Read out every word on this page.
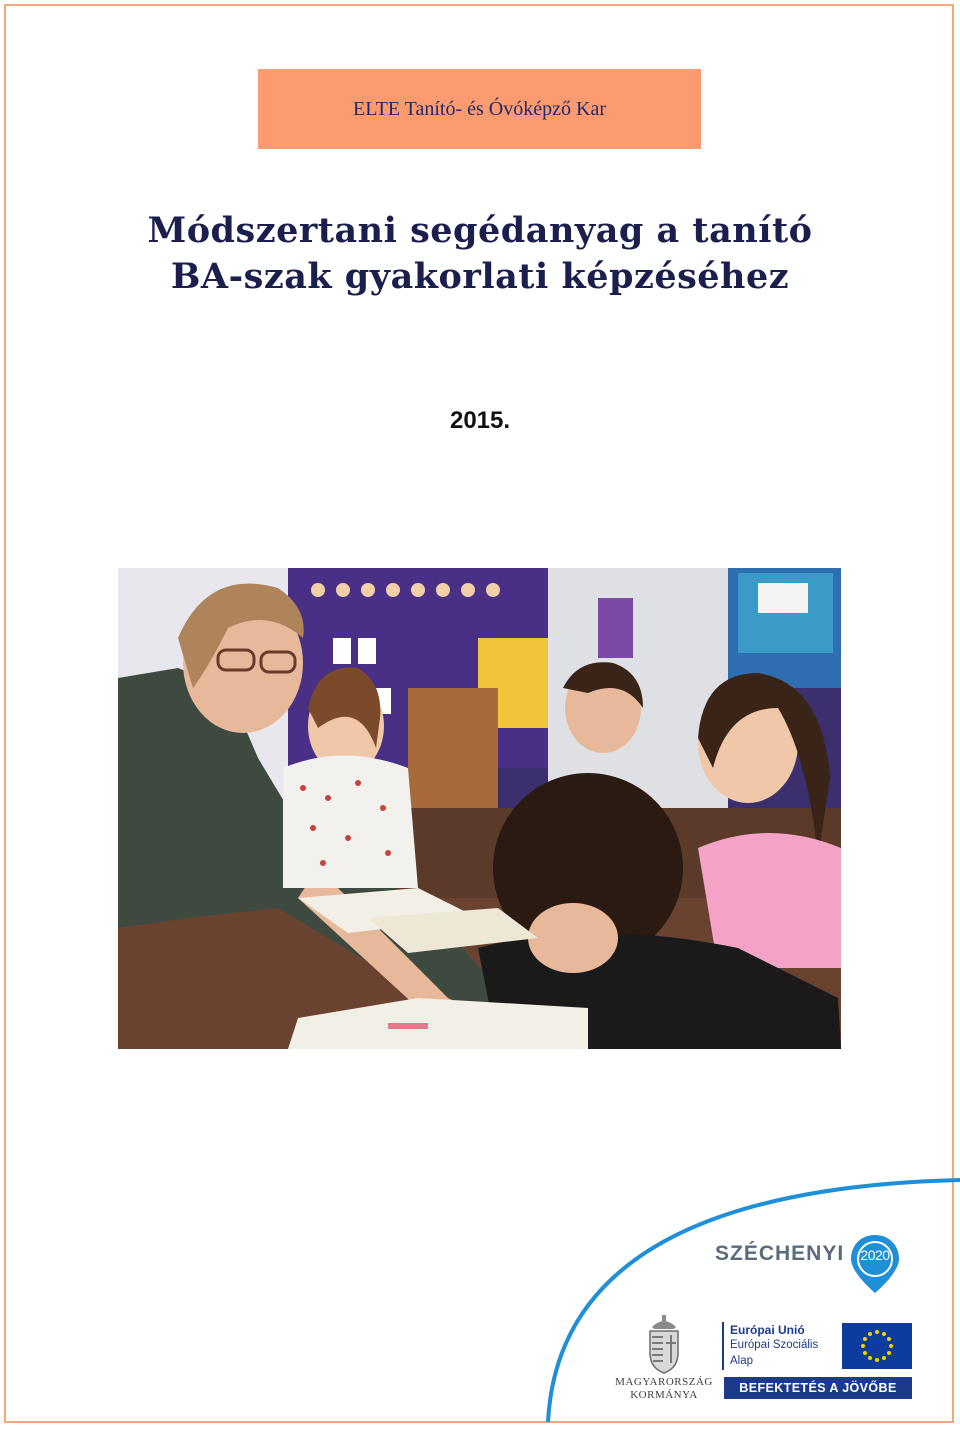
ELTE Tanító- és Óvóképző Kar
Módszertani segédanyag a tanító
BA-szak gyakorlati képzéséhez
2015.
SZÉCHENYI	2020
MAGYARORSZÁG
KORMÁNYA
Európai Unió
Európai Szociális
Alap
BEFEKTETÉS A JÖVŐBE
